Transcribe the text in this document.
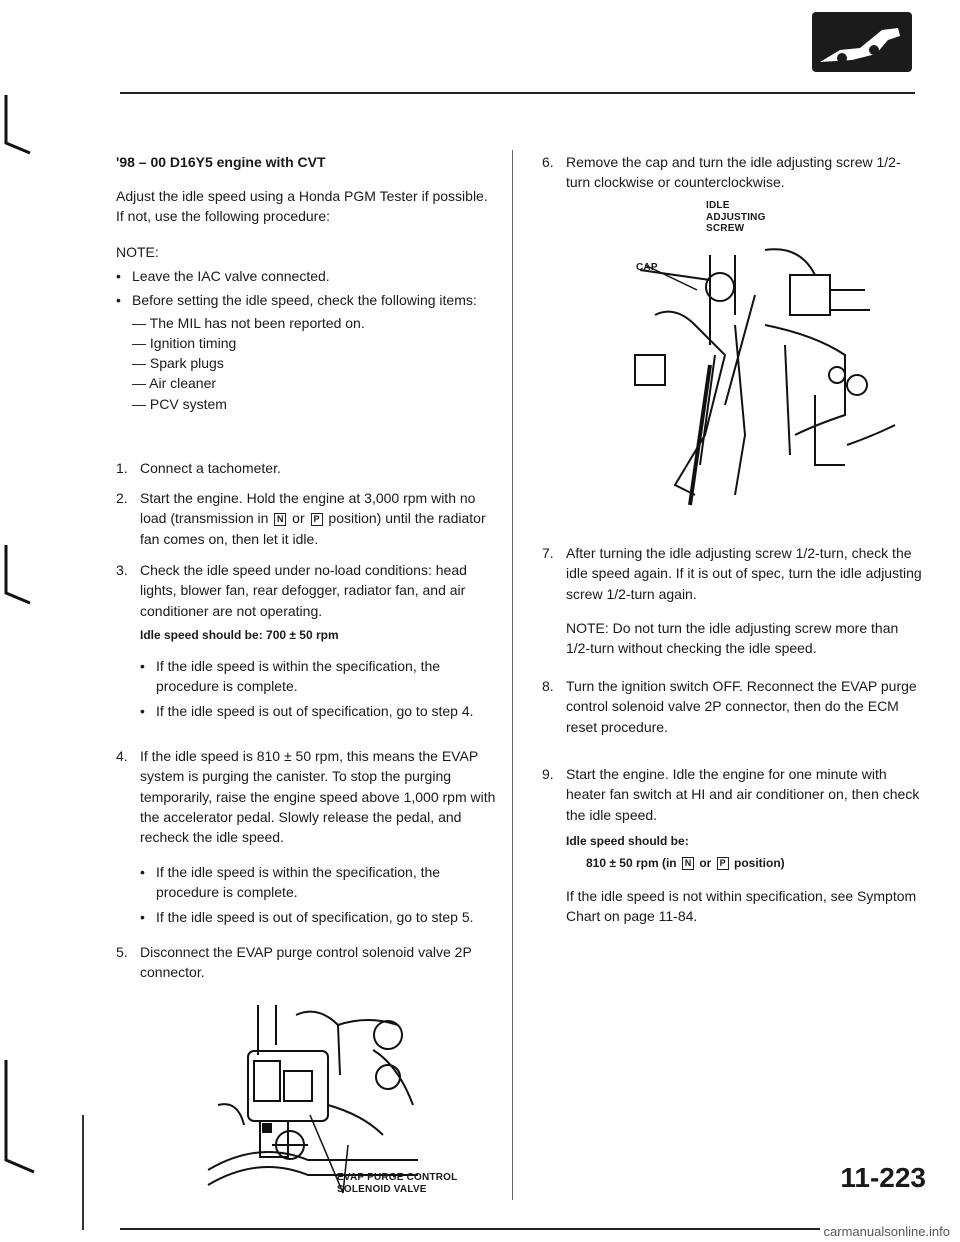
'98 – 00 D16Y5 engine with CVT
Adjust the idle speed using a Honda PGM Tester if possible. If not, use the following procedure:
NOTE:
• Leave the IAC valve connected.
• Before setting the idle speed, check the following items:
— The MIL has not been reported on.
— Ignition timing
— Spark plugs
— Air cleaner
— PCV system
1. Connect a tachometer.
2. Start the engine. Hold the engine at 3,000 rpm with no load (transmission in N or P position) until the radiator fan comes on, then let it idle.
3. Check the idle speed under no-load conditions: head lights, blower fan, rear defogger, radiator fan, and air conditioner are not operating.
Idle speed should be: 700 ± 50 rpm
• If the idle speed is within the specification, the procedure is complete.
• If the idle speed is out of specification, go to step 4.
4. If the idle speed is 810 ± 50 rpm, this means the EVAP system is purging the canister. To stop the purging temporarily, raise the engine speed above 1,000 rpm with the accelerator pedal. Slowly release the pedal, and recheck the idle speed.
• If the idle speed is within the specification, the procedure is complete.
• If the idle speed is out of specification, go to step 5.
5. Disconnect the EVAP purge control solenoid valve 2P connector.
EVAP PURGE CONTROL SOLENOID VALVE
6. Remove the cap and turn the idle adjusting screw 1/2-turn clockwise or counterclockwise.
IDLE ADJUSTING SCREW
CAP
7. After turning the idle adjusting screw 1/2-turn, check the idle speed again. If it is out of spec, turn the idle adjusting screw 1/2-turn again.
NOTE: Do not turn the idle adjusting screw more than 1/2-turn without checking the idle speed.
8. Turn the ignition switch OFF. Reconnect the EVAP purge control solenoid valve 2P connector, then do the ECM reset procedure.
9. Start the engine. Idle the engine for one minute with heater fan switch at HI and air conditioner on, then check the idle speed.
Idle speed should be:
810 ± 50 rpm (in N or P position)
If the idle speed is not within specification, see Symptom Chart on page 11-84.
11-223
carmanualsonline.info
